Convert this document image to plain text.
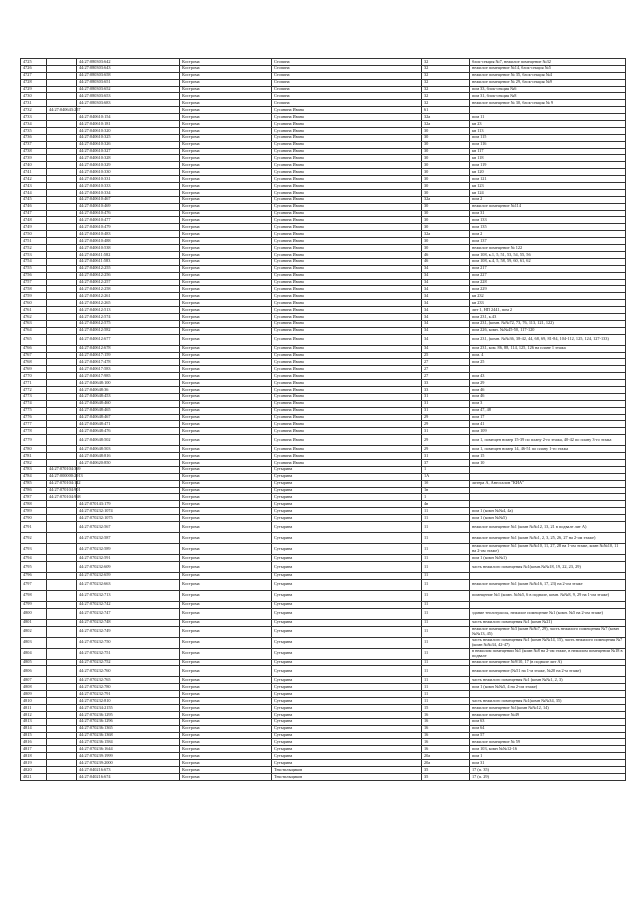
4725		44:27:080303:642	Кострома	Стопина	32	блок-секция №7, нежилое помещение №32
4726		44:27:080303:643	Кострома	Стопина	32	нежилое помещение №14, блок-секция №5
4727		44:27:080303:658	Кострома	Стопина	32	нежилое помещение № 35, блок-секция №4
4728		44:27:080303:651	Кострома	Стопина	32	нежилое помещение № 29, блок-секция №9
4729		44:27:080303:652	Кострома	Стопина	32	пом 33, блок-секция №6
4730		44:27:080303:653	Кострома	Стопина	32	пом 31, блок-секция №8
4731		44:27:080303:683	Кострома	Стопина	32	нежилое помещение № 30, блок-секция № 9
4732	44:27:040643:257		Кострома	Сусанина Ивана	61	
4733		44:27:040610:154	Кострома	Сусанина Ивана	32а	пом 11
4734		44:27:040610:181	Кострома	Сусанина Ивана	32а	кв 23
4735		44:27:040610:320	Кострома	Сусанина Ивана	30	кв 113
4736		44:27:040610:325	Кострома	Сусанина Ивана	30	пом 115
4737		44:27:040610:326	Кострома	Сусанина Ивана	30	пом 116
4738		44:27:040610:327	Кострома	Сусанина Ивана	30	кв 117
4739		44:27:040610:328	Кострома	Сусанина Ивана	30	кв 118
4740		44:27:040610:329	Кострома	Сусанина Ивана	30	пом 119
4741		44:27:040610:330	Кострома	Сусанина Ивана	30	кв 120
4742		44:27:040610:331	Кострома	Сусанина Ивана	30	пом 121
4743		44:27:040610:333	Кострома	Сусанина Ивана	30	кв 123
4744		44:27:040610:334	Кострома	Сусанина Ивана	30	кв 124
4745		44:27:040610:467	Кострома	Сусанина Ивана	32а	пом 2
4746		44:27:040610:469	Кострома	Сусанина Ивана	30	нежилое помещение №114
4747		44:27:040610:476	Кострома	Сусанина Ивана	30	пом 31
4748		44:27:040610:477	Кострома	Сусанина Ивана	30	пом 133
4749		44:27:040610:479	Кострома	Сусанина Ивана	30	пом 135
4750		44:27:040610:483	Кострома	Сусанина Ивана	32а	пом 2
4751		44:27:040610:488	Кострома	Сусанина Ивана	30	пом 137
4752		44:27:040610:538	Кострома	Сусанина Ивана	30	нежилое помещение № 122
4753		44:27:040611:582	Кострома	Сусанина Ивана	46	пом 108, к.1, 5, 51, 53, 54, 55, 56
4754		44:27:040611:583	Кострома	Сусанина Ивана	46	пом 108, к.4, 5, 58, 59, 60, 61, 62
4755		44:27:040612:255	Кострома	Сусанина Ивана	34	пом 217
4756		44:27:040612:256	Кострома	Сусанина Ивана	34	пом 227
4757		44:27:040612:257	Кострома	Сусанина Ивана	34	пом 228
4758		44:27:040612:258	Кострома	Сусанина Ивана	34	пом 229
4759		44:27:040612:261	Кострома	Сусанина Ивана	34	кв 232
4760		44:27:040612:265	Кострома	Сусанина Ивана	34	кв 233
4761		44:27:040612:513	Кострома	Сусанина Ивана	34	лит 1, НП 2441, пом 2
4762		44:27:040612:574	Кострома	Сусанина Ивана	34	пом 231, к.43
4763		44:27:040612:575	Кострома	Сусанина Ивана	34	пом 231, (комн. №№72, 73, 76, 113, 121, 122)
4764		44:27:040612:582	Кострома	Сусанина Ивана	34	пом 226, комн. №№45-50, 117-120
4765		44:27:040612:677	Кострома	Сусанина Ивана	34	пом 231, (комн. №№36, 38-42, 44, 68, 69, 81-84, 104-112, 125, 124, 127-133)
4766		44:27:040612:678	Кострома	Сусанина Ивана	34	пом 231, ком. 86, 88, 114, 125, 126 на плане 1 этажа
4767		44:27:040617:159	Кострома	Сусанина Ивана	25	пом. 4
4768		44:27:040617:478	Кострома	Сусанина Ивана	27	пом 25
4769		44:27:040617:583	Кострома	Сусанина Ивана	27	
4770		44:27:040617:985	Кострома	Сусанина Ивана	27	пом 43
4771		44:27:040648:100	Кострома	Сусанина Ивана	33	пом 29
4772		44:27:040648:36	Кострома	Сусанина Ивана	33	пом 46
4773		44:27:040648:453	Кострома	Сусанина Ивана	31	пом 46
4774		44:27:040648:460	Кострома	Сусанина Ивана	31	пом 3
4775		44:27:040648:465	Кострома	Сусанина Ивана	31	пом 47, 48
4776		44:27:040648:467	Кострома	Сусанина Ивана	29	пом 17
4777		44:27:040648:471	Кострома	Сусанина Ивана	29	пом 41
4778		44:27:040648:476	Кострома	Сусанина Ивана	31	пом 109
4779		44:27:040648:502	Кострома	Сусанина Ивана	29	пом 1, помещен номер 15-39 по плану 2-го этажа, 40-42 по плану 3-го этажа
4780		44:27:040648:503	Кострома	Сусанина Ивана	29	пом 1, помещен номер 14, 46-51 по плану 1-го этажа
4781		44:27:040648:816	Кострома	Сусанина Ивана	31	пом 15
4782		44:27:040620:850	Кострома	Сусанина Ивана	37	пом 10
4783	44:27:070104:369		Кострома	Сутырина	1	
4784	44:27:000000:2913		Кострома	Сутырина	1А	
4785	44:27:070104:142		Кострома	Сутырина	1б	литера А, Автосалон "КИА"
4786	44:27:070104:901		Кострома	Сутырина	1в	
4787	44:27:070104:968		Кострома	Сутырина	1	
4788		44:27:070143:179	Кострома	Сутырина	4в	
4789		44:27:070232:1074	Кострома	Сутырина	11	пом 1 (комн №№4, 4а)
4790		44:27:070232:1075	Кострома	Сутырина	11	пом 1 (комн №№5)
4791		44:27:070232:567	Кострома	Сутырина	11	нежилое помещение №1 (комн №№12, 13, 21 в подвале лит А)
4792		44:27:070232:587	Кострома	Сутырина	11	нежилое помещение №1 (комн №№1, 2, 3, 25, 26, 27 на 2-ом этаже)
4793		44:27:070232:589	Кострома	Сутырина	11	нежилое помещение №1 (комн №№10, 11, 27, 28 на 1-ом этаже, комн №№10, 11 на 2-ом этаже)
4794		44:27:070232:591	Кострома	Сутырина	11	пом 1 (комн №№1)
4795		44:27:070232:609	Кострома	Сутырина	11	часть нежилого помещения №1(комн.№№18, 19, 22, 23, 29)
4796		44:27:070232:659	Кострома	Сутырина	11	
4797		44:27:070232:663	Кострома	Сутырина	11	нежилое помещение №1 (комн №№16, 17, 23) на 2-ом этаже
4798		44:27:070232:713	Кострома	Сутырина	11	помещение №1 (комн. №№5, 6 в подвале, комн. №№8, 9, 29 на 1-ом этаже)
4799		44:27:070232:742	Кострома	Сутырина	11	
4800		44:27:070232:747	Кострома	Сутырина	11	здание теплотрассы, нежилое помещение №1 (комн. №5 на 2-ом этаже)
4801		44:27:070232:748	Кострома	Сутырина	11	часть нежилого помещения №1 (комн №21)
4802		44:27:070232:749	Кострома	Сутырина	11	нежилое помещение №3 (комн №№7, 29), часть нежилого помещения №7 (комн №№13, 45)
4803		44:27:070232:750	Кострома	Сутырина	11	часть нежилого помещения №1 (комн №№14, 15), часть нежилого помещения №7 (комн №№34, 42-47)
4804		44:27:070232:751	Кострома	Сутырина	11	в нежилом помещении №1 (комн №8 на 2-ом этаже, в нежилом помещении №18 в подвале
4805		44:27:070232:752	Кострома	Сутырина	11	нежилое помещение №9/10, 17 (в подвале лит А)
4806		44:27:070232:760	Кострома	Сутырина	11	нежилое помещение (№51 на 1-м этаже, №20 на 2-м этаже)
4807		44:27:070232:765	Кострома	Сутырина	11	часть нежилого помещения №1 (комн №№1, 2, 3)
4808		44:27:070232:780	Кострома	Сутырина	11	пом 1 (комн №№5, 4 на 2-ом этаже)
4809		44:27:070232:791	Кострома	Сутырина	11	
4810		44:27:070232:810	Кострома	Сутырина	11	часть нежилого помещения №1(комн №№34, 35)
4811		44:27:070234:2155	Кострома	Сутырина	15	нежилое помещение №1(комн №№12, 14)
4812		44:27:070236:1295	Кострома	Сутырина	16	нежилое помещение №49
4813		44:27:070236:1296	Кострома	Сутырина	16	пом 63
4814		44:27:070236:1365	Кострома	Сутырина	16	пом 64
4815		44:27:070236:1368	Кострома	Сутырина	16	пом 57
4816		44:27:070236:1584	Кострома	Сутырина	16	нежилое помещение № 59
4817		44:27:070236:1644	Кострома	Сутырина	16	пом 103, комн №№12-16
4818		44:27:070239:1999	Кострома	Сутырина	20а	пом 1
4819		44:27:070239:2000	Кострома	Сутырина	20а	пом 31
4820		44:27:040216:673	Кострома	Текстильщиков	35	17 (п. 35)
4821		44:27:040216:674	Кострома	Текстильщиков	35	17 (п. 29)
